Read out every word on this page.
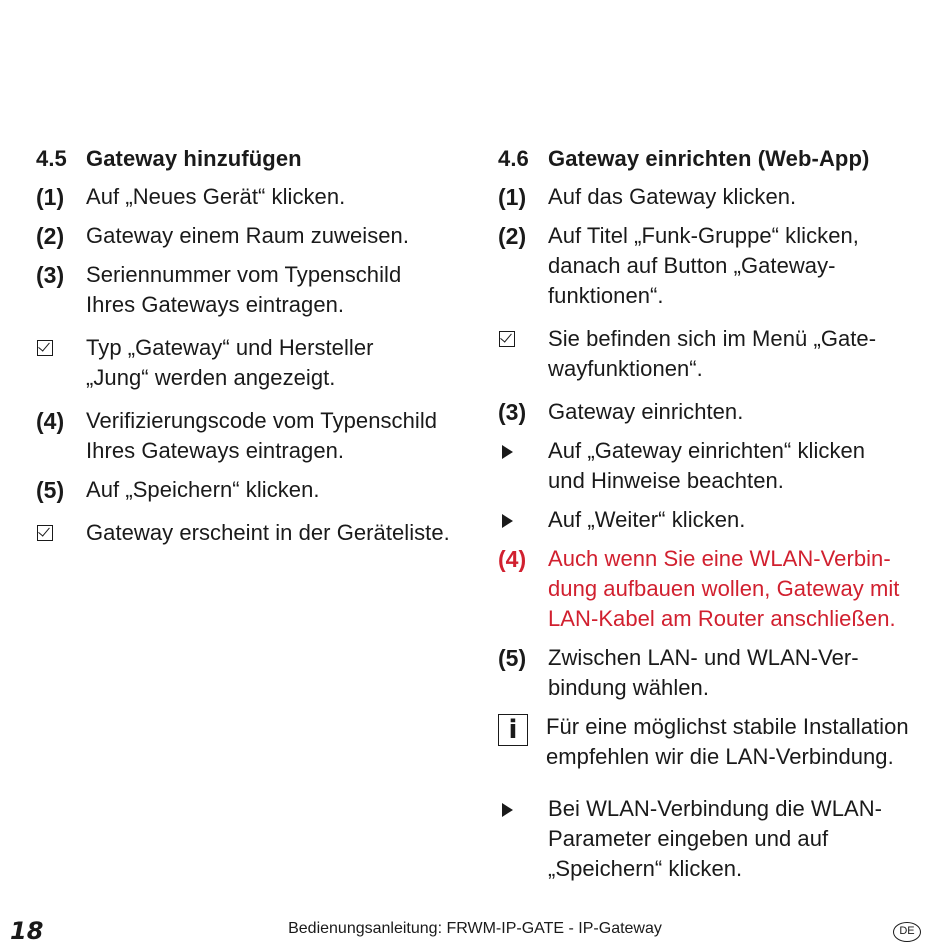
4.5 Gateway hinzufügen
(1) Auf „Neues Gerät“ klicken.
(2) Gateway einem Raum zuweisen.
(3) Seriennummer vom Typenschild Ihres Gateways eintragen.
Typ „Gateway“ und Hersteller „Jung“ werden angezeigt.
(4) Verifizierungscode vom Typenschild Ihres Gateways eintragen.
(5) Auf „Speichern“ klicken.
Gateway erscheint in der Geräteliste.
4.6 Gateway einrichten (Web-App)
(1) Auf das Gateway klicken.
(2) Auf Titel „Funk-Gruppe“ klicken, danach auf Button „Gateway-funktionen“.
Sie befinden sich im Menü „Gate-wayfunktionen“.
(3) Gateway einrichten.
Auf „Gateway einrichten“ klicken und Hinweise beachten.
Auf „Weiter“ klicken.
(4) Auch wenn Sie eine WLAN-Verbin-dung aufbauen wollen, Gateway mit LAN-Kabel am Router anschließen.
(5) Zwischen LAN- und WLAN-Ver-bindung wählen.
i	Für eine möglichst stabile Installation empfehlen wir die LAN-Verbindung.
Bei WLAN-Verbindung die WLAN-Parameter eingeben und auf „Speichern“ klicken.
18	Bedienungsanleitung: FRWM-IP-GATE - IP-Gateway	DE
